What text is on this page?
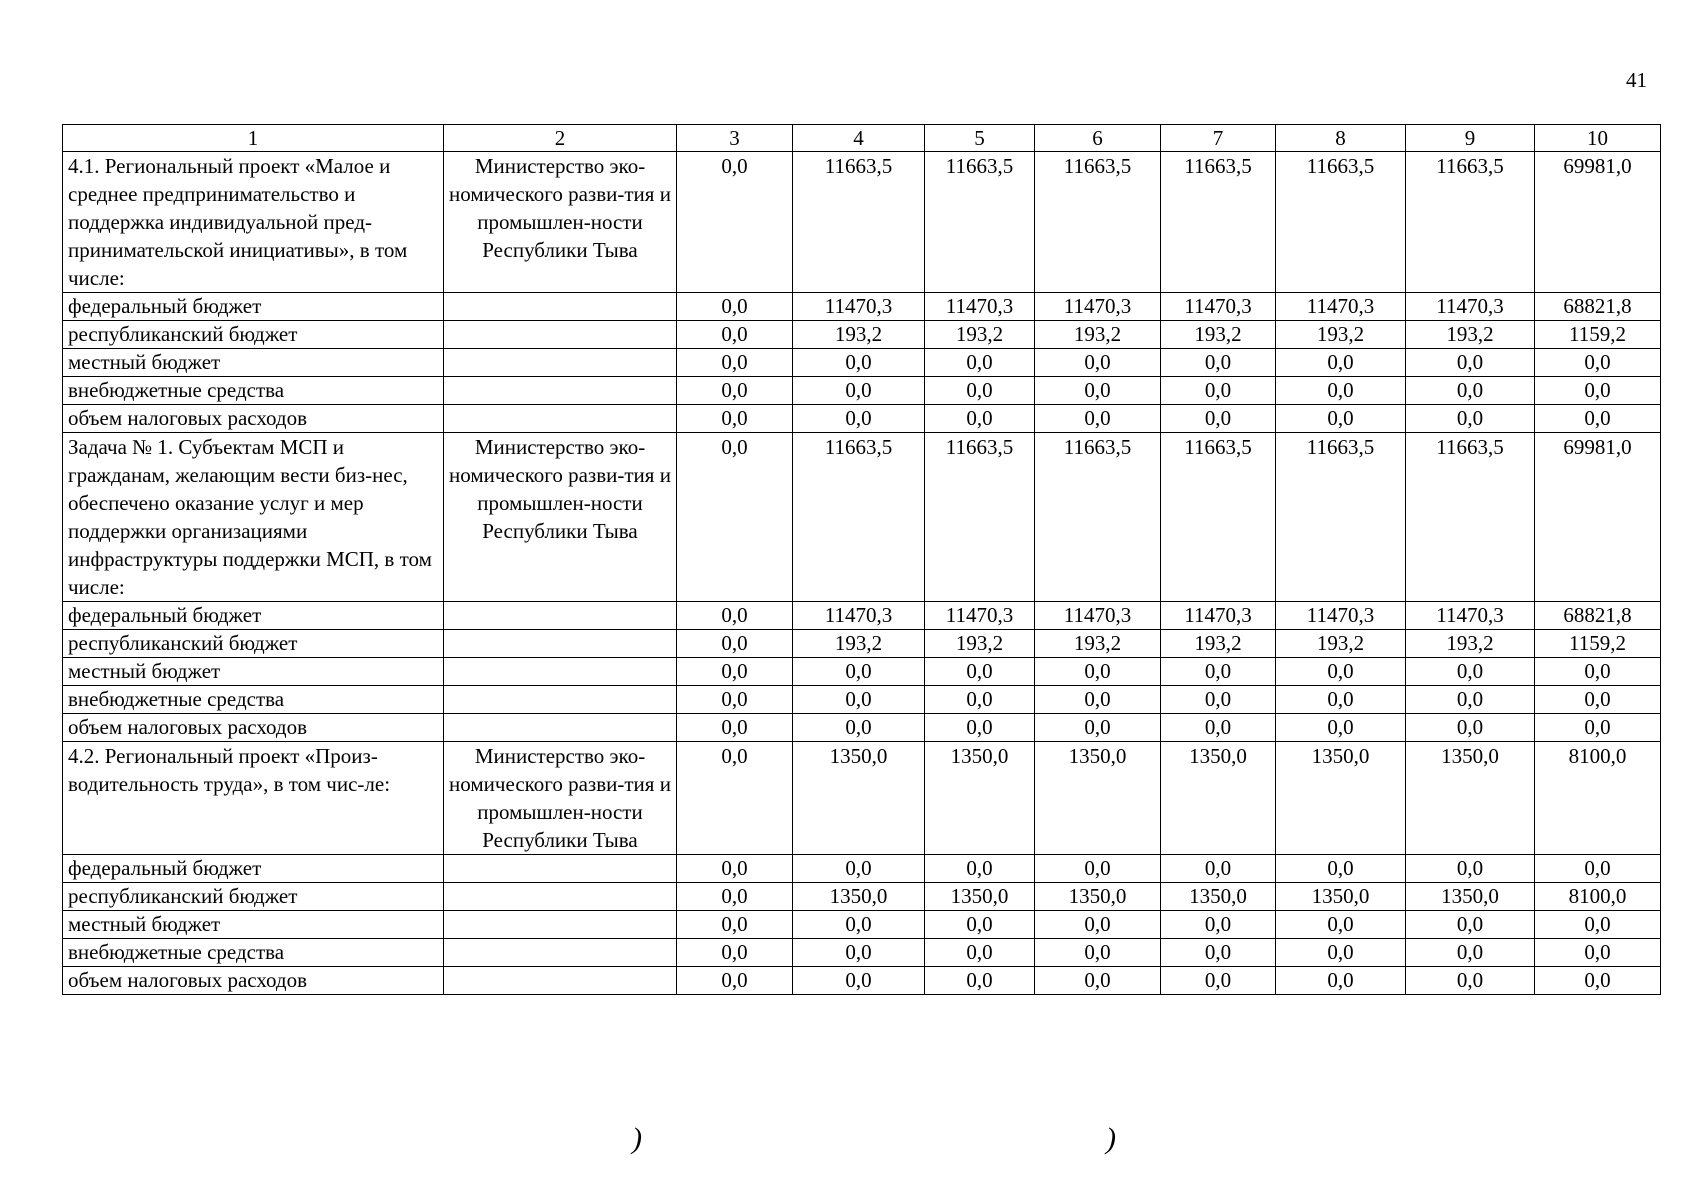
41
1	2	3	4	5	6	7	8	9	10
4.1. Региональный проект «Малое и среднее предпринимательство и поддержка индивидуальной пред-принимательской инициативы», в том числе:	Министерство эко-номического разви-тия и промышлен-ности Республики Тыва	0,0	11663,5	11663,5	11663,5	11663,5	11663,5	11663,5	69981,0
федеральный бюджет		0,0	11470,3	11470,3	11470,3	11470,3	11470,3	11470,3	68821,8
республиканский бюджет		0,0	193,2	193,2	193,2	193,2	193,2	193,2	1159,2
местный бюджет		0,0	0,0	0,0	0,0	0,0	0,0	0,0	0,0
внебюджетные средства		0,0	0,0	0,0	0,0	0,0	0,0	0,0	0,0
объем налоговых расходов		0,0	0,0	0,0	0,0	0,0	0,0	0,0	0,0
Задача № 1. Субъектам МСП и гражданам, желающим вести биз-нес, обеспечено оказание услуг и мер поддержки организациями инфраструктуры поддержки МСП, в том числе:	Министерство эко-номического разви-тия и промышлен-ности Республики Тыва	0,0	11663,5	11663,5	11663,5	11663,5	11663,5	11663,5	69981,0
федеральный бюджет		0,0	11470,3	11470,3	11470,3	11470,3	11470,3	11470,3	68821,8
республиканский бюджет		0,0	193,2	193,2	193,2	193,2	193,2	193,2	1159,2
местный бюджет		0,0	0,0	0,0	0,0	0,0	0,0	0,0	0,0
внебюджетные средства		0,0	0,0	0,0	0,0	0,0	0,0	0,0	0,0
объем налоговых расходов		0,0	0,0	0,0	0,0	0,0	0,0	0,0	0,0
4.2. Региональный проект «Произ-водительность труда», в том чис-ле:	Министерство эко-номического разви-тия и промышлен-ности Республики Тыва	0,0	1350,0	1350,0	1350,0	1350,0	1350,0	1350,0	8100,0
федеральный бюджет		0,0	0,0	0,0	0,0	0,0	0,0	0,0	0,0
республиканский бюджет		0,0	1350,0	1350,0	1350,0	1350,0	1350,0	1350,0	8100,0
местный бюджет		0,0	0,0	0,0	0,0	0,0	0,0	0,0	0,0
внебюджетные средства		0,0	0,0	0,0	0,0	0,0	0,0	0,0	0,0
объем налоговых расходов		0,0	0,0	0,0	0,0	0,0	0,0	0,0	0,0
)	)
